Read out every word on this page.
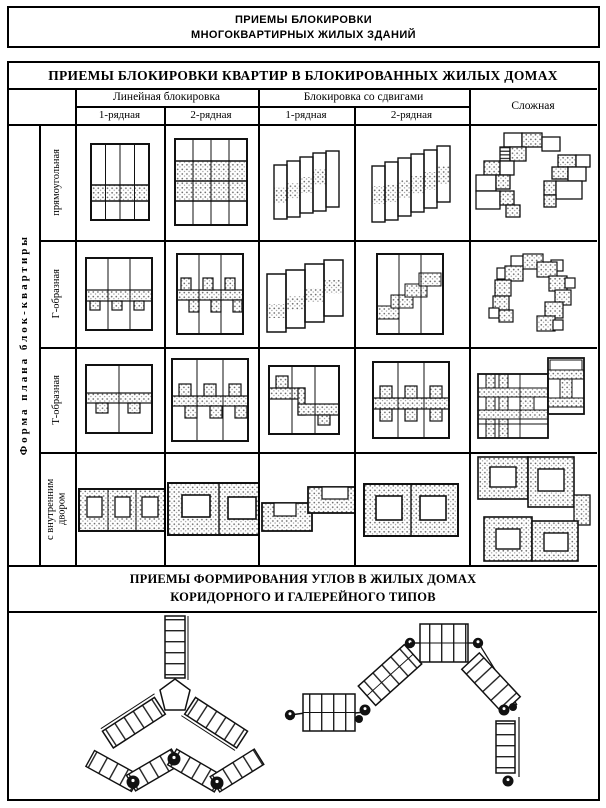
ПРИЕМЫ БЛОКИРОВКИ
МНОГОКВАРТИРНЫХ ЖИЛЫХ ЗДАНИЙ
ПРИЕМЫ БЛОКИРОВКИ КВАРТИР В БЛОКИРОВАННЫХ ЖИЛЫХ ДОМАХ
Линейная блокировка	Блокировка со сдвигами
Сложная
1-рядная	2-рядная	1-рядная	2-рядная
Форма плана блок-квартиры
прямоугольная
Г-образная
Т-образная
с внутренним двором
ПРИЕМЫ ФОРМИРОВАНИЯ УГЛОВ В ЖИЛЫХ ДОМАХ
КОРИДОРНОГО И ГАЛЕРЕЙНОГО ТИПОВ
